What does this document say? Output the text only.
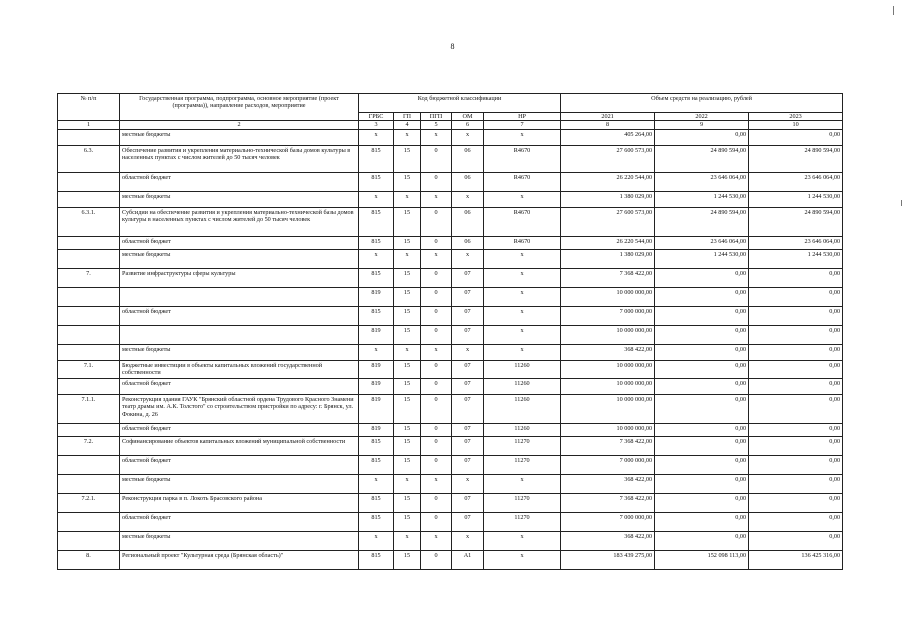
8
№ п/п	Государственная программа, подпрограмма, основное мероприятие (проект (программа)), направление расходов, мероприятие	Код бюджетной классификации					Объем средств на реализацию, рублей		
		ГРБС	ГП	ПГП	ОМ	НР	2021	2022	2023
1	2	3	4	5	6	7	8	9	10
	местные бюджеты	х	х	х	х	х	405 264,00	0,00	0,00
6.3.	Обеспечение развития и укрепления материально-технической базы домов культуры в населенных пунктах с числом жителей до 50 тысяч человек	815	15	0	06	R4670	27 600 573,00	24 890 594,00	24 890 594,00
	областной бюджет	815	15	0	06	R4670	26 220 544,00	23 646 064,00	23 646 064,00
	местные бюджеты	х	х	х	х	х	1 380 029,00	1 244 530,00	1 244 530,00
6.3.1.	Субсидии на обеспечение развития и укрепления материально-технической базы домов культуры в населенных пунктах с числом жителей до 50 тысяч человек	815	15	0	06	R4670	27 600 573,00	24 890 594,00	24 890 594,00
	областной бюджет	815	15	0	06	R4670	26 220 544,00	23 646 064,00	23 646 064,00
	местные бюджеты	х	х	х	х	х	1 380 029,00	1 244 530,00	1 244 530,00
7.	Развитие инфраструктуры сферы культуры	815	15	0	07	х	7 368 422,00	0,00	0,00
		819	15	0	07	х	10 000 000,00	0,00	0,00
	областной бюджет	815	15	0	07	х	7 000 000,00	0,00	0,00
		819	15	0	07	х	10 000 000,00	0,00	0,00
	местные бюджеты	х	х	х	х	х	368 422,00	0,00	0,00
7.1.	Бюджетные инвестиции в объекты капитальных вложений государственной собственности	819	15	0	07	11260	10 000 000,00	0,00	0,00
	областной бюджет	819	15	0	07	11260	10 000 000,00	0,00	0,00
7.1.1.	Реконструкция здания ГАУК "Брянский областной ордена Трудового Красного Знамени театр драмы им. А.К. Толстого" со строительством пристройки по адресу: г. Брянск, ул. Фокина, д. 26	819	15	0	07	11260	10 000 000,00	0,00	0,00
	областной бюджет	819	15	0	07	11260	10 000 000,00	0,00	0,00
7.2.	Софинансирование объектов капитальных вложений муниципальной собственности	815	15	0	07	11270	7 368 422,00	0,00	0,00
	областной бюджет	815	15	0	07	11270	7 000 000,00	0,00	0,00
	местные бюджеты	х	х	х	х	х	368 422,00	0,00	0,00
7.2.1.	Реконструкция парка в п. Локоть Брасовского района	815	15	0	07	11270	7 368 422,00	0,00	0,00
	областной бюджет	815	15	0	07	11270	7 000 000,00	0,00	0,00
	местные бюджеты	х	х	х	х	х	368 422,00	0,00	0,00
8.	Региональный проект "Культурная среда (Брянская область)"	815	15	0	A1	х	183 439 275,00	152 098 113,00	136 425 316,00
